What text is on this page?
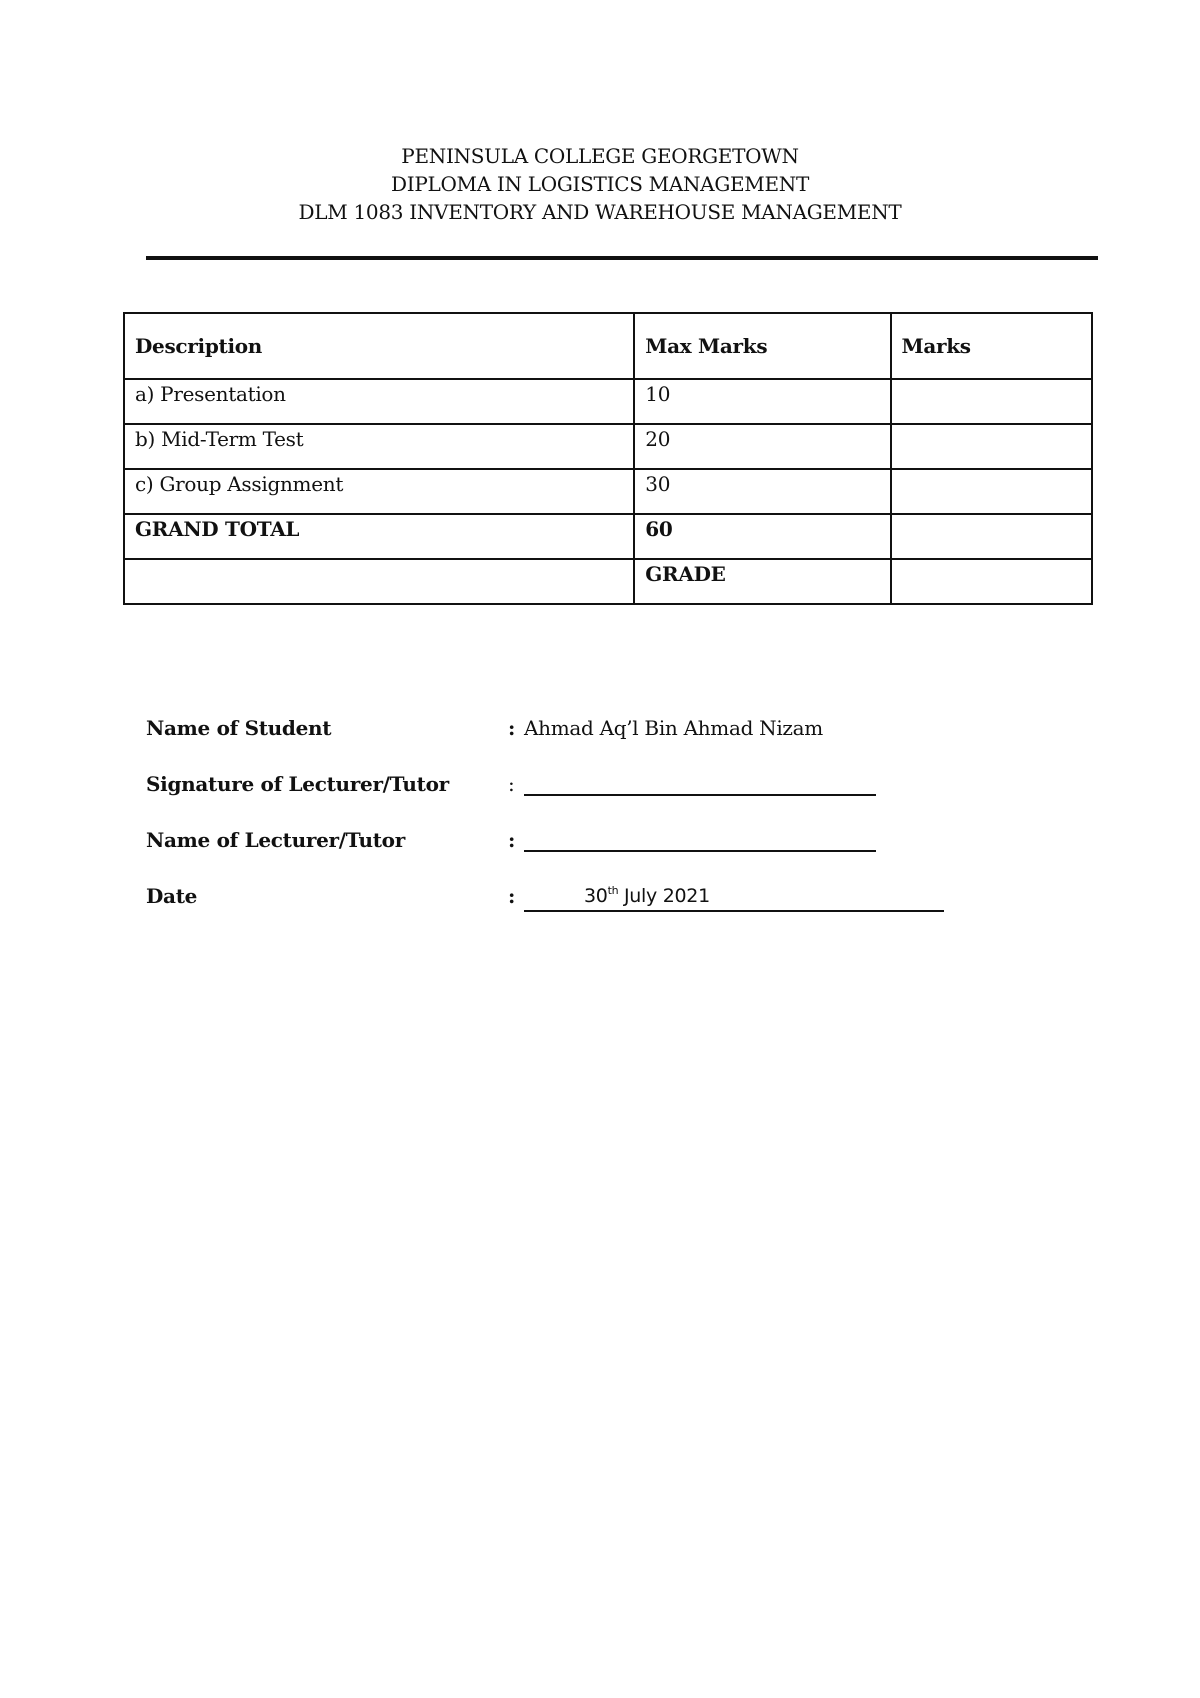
PENINSULA COLLEGE GEORGETOWN
DIPLOMA IN LOGISTICS MANAGEMENT
DLM 1083 INVENTORY AND WAREHOUSE MANAGEMENT
Description	Max Marks	Marks
a) Presentation	10	
b) Mid-Term Test	20	
c) Group Assignment	30	
GRAND TOTAL	60	
	GRADE	
Name of Student	: Ahmad Aq’l Bin Ahmad Nizam
Signature of Lecturer/Tutor	:
Name of Lecturer/Tutor	:
Date	:	30th July 2021
